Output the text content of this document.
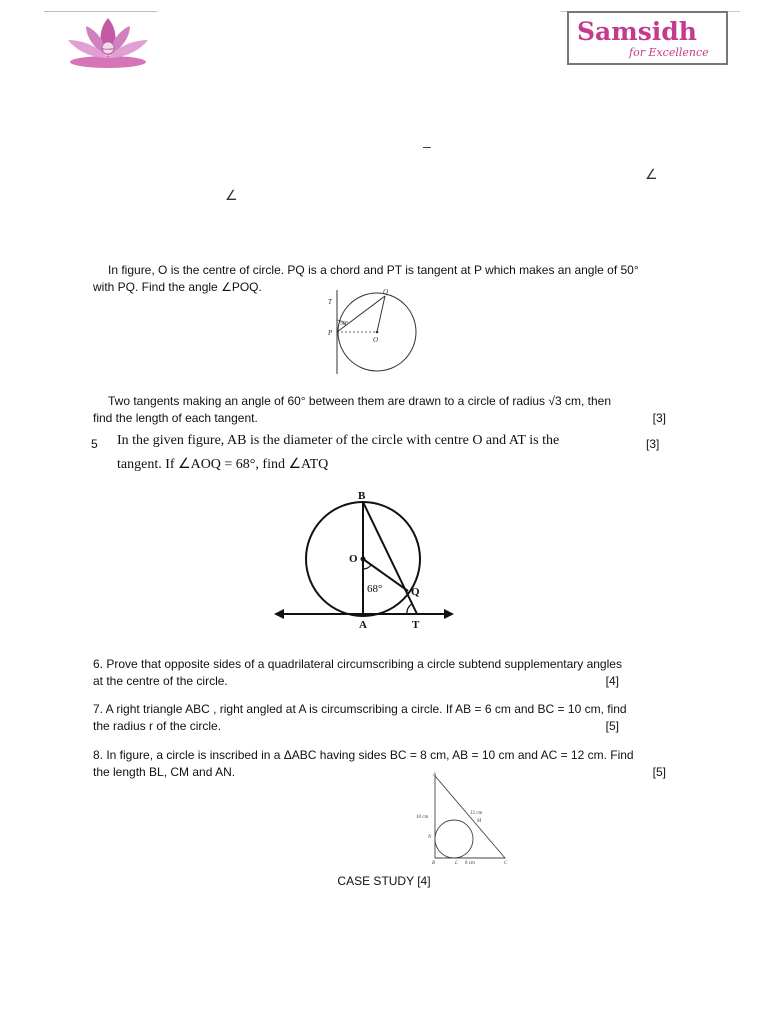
Samsidh
Samsidh
for Excellence
–
∠
∠
In figure, O is the centre of circle. PQ is a chord and PT is tangent at P which makes an angle of 50°
with PQ. Find the angle ∠POQ.
T
Q
P
O
50°
Two tangents making an angle of 60° between them are drawn to a circle of radius √3 cm, then
find the length of each tangent.	[3]
5 In the given figure, AB is the diameter of the circle with centre O and AT is the
tangent. If ∠AOQ = 68°, find ∠ATQ
[3]
B
O
Q
A	T
68°
6. Prove that opposite sides of a quadrilateral circumscribing a circle subtend supplementary angles
at the centre of the circle.	[4]
7. A right triangle ABC , right angled at A is circumscribing a circle. If AB = 6 cm and BC = 10 cm, find
the radius r of the circle.	[5]
8. In figure, a circle is inscribed in a ΔABC having sides BC = 8 cm, AB = 10 cm and AC = 12 cm. Find
the length BL, CM and AN.	[5]
A
B	C
L
M
N
10 cm
12 cm
8 cm
CASE STUDY [4]
